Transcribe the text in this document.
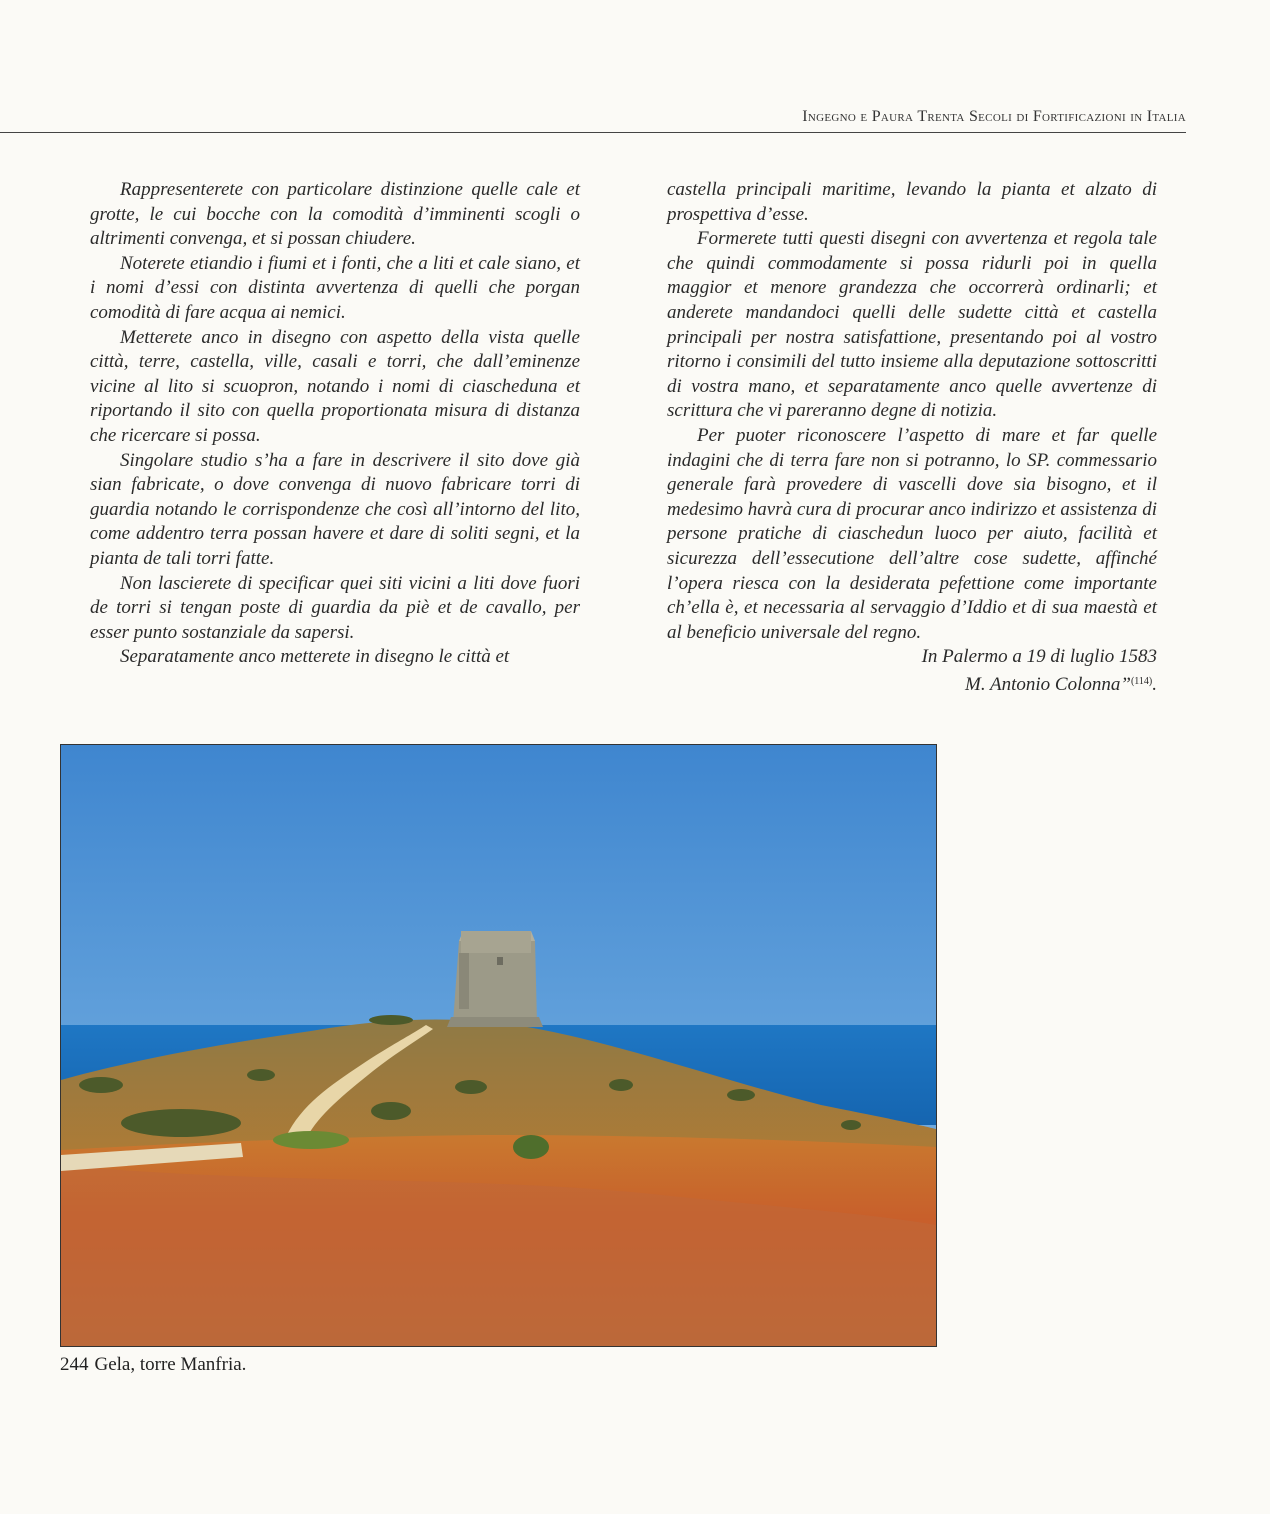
Ingegno e Paura Trenta Secoli di Fortificazioni in Italia

Rappresenterete con particolare distinzione quelle cale et grotte, le cui bocche con la comodità d’imminenti scogli o altrimenti convenga, et si possan chiudere.

Noterete etiandio i fiumi et i fonti, che a liti et cale siano, et i nomi d’essi con distinta avvertenza di quelli che porgan comodità di fare acqua ai nemici.

Metterete anco in disegno con aspetto della vista quelle città, terre, castella, ville, casali e torri, che dall’eminenze vicine al lito si scuopron, notando i nomi di ciascheduna et riportando il sito con quella proportionata misura di distanza che ricercare si possa.

Singolare studio s’ha a fare in descrivere il sito dove già sian fabricate, o dove convenga di nuovo fabricare torri di guardia notando le corrispondenze che così all’intorno del lito, come addentro terra possan havere et dare di soliti segni, et la pianta de tali torri fatte.

Non lascierete di specificar quei siti vicini a liti dove fuori de torri si tengan poste di guardia da piè et de cavallo, per esser punto sostanziale da sapersi.

Separatamente anco metterete in disegno le città et

castella principali maritime, levando la pianta et alzato di prospettiva d’esse.

Formerete tutti questi disegni con avvertenza et regola tale che quindi commodamente si possa ridurli poi in quella maggior et menore grandezza che occorrerà ordinarli; et anderete mandandoci quelli delle sudette città et castella principali per nostra satisfattione, presentando poi al vostro ritorno i consimili del tutto insieme alla deputazione sottoscritti di vostra mano, et separatamente anco quelle avvertenze di scrittura che vi pareranno degne di notizia.

Per puoter riconoscere l’aspetto di mare et far quelle indagini che di terra fare non si potranno, lo SP. commessario generale farà provedere di vascelli dove sia bisogno, et il medesimo havrà cura di procurar anco indirizzo et assistenza di persone pratiche di ciaschedun luoco per aiuto, facilità et sicurezza dell’essecutione dell’altre cose sudette, affinché l’opera riesca con la desiderata pefettione come importante ch’ella è, et necessaria al servaggio d’Iddio et di sua maestà et al beneficio universale del regno.

In Palermo a 19 di luglio 1583

M. Antonio Colonna”$^{(114)}$.

244 Gela, torre Manfria.
